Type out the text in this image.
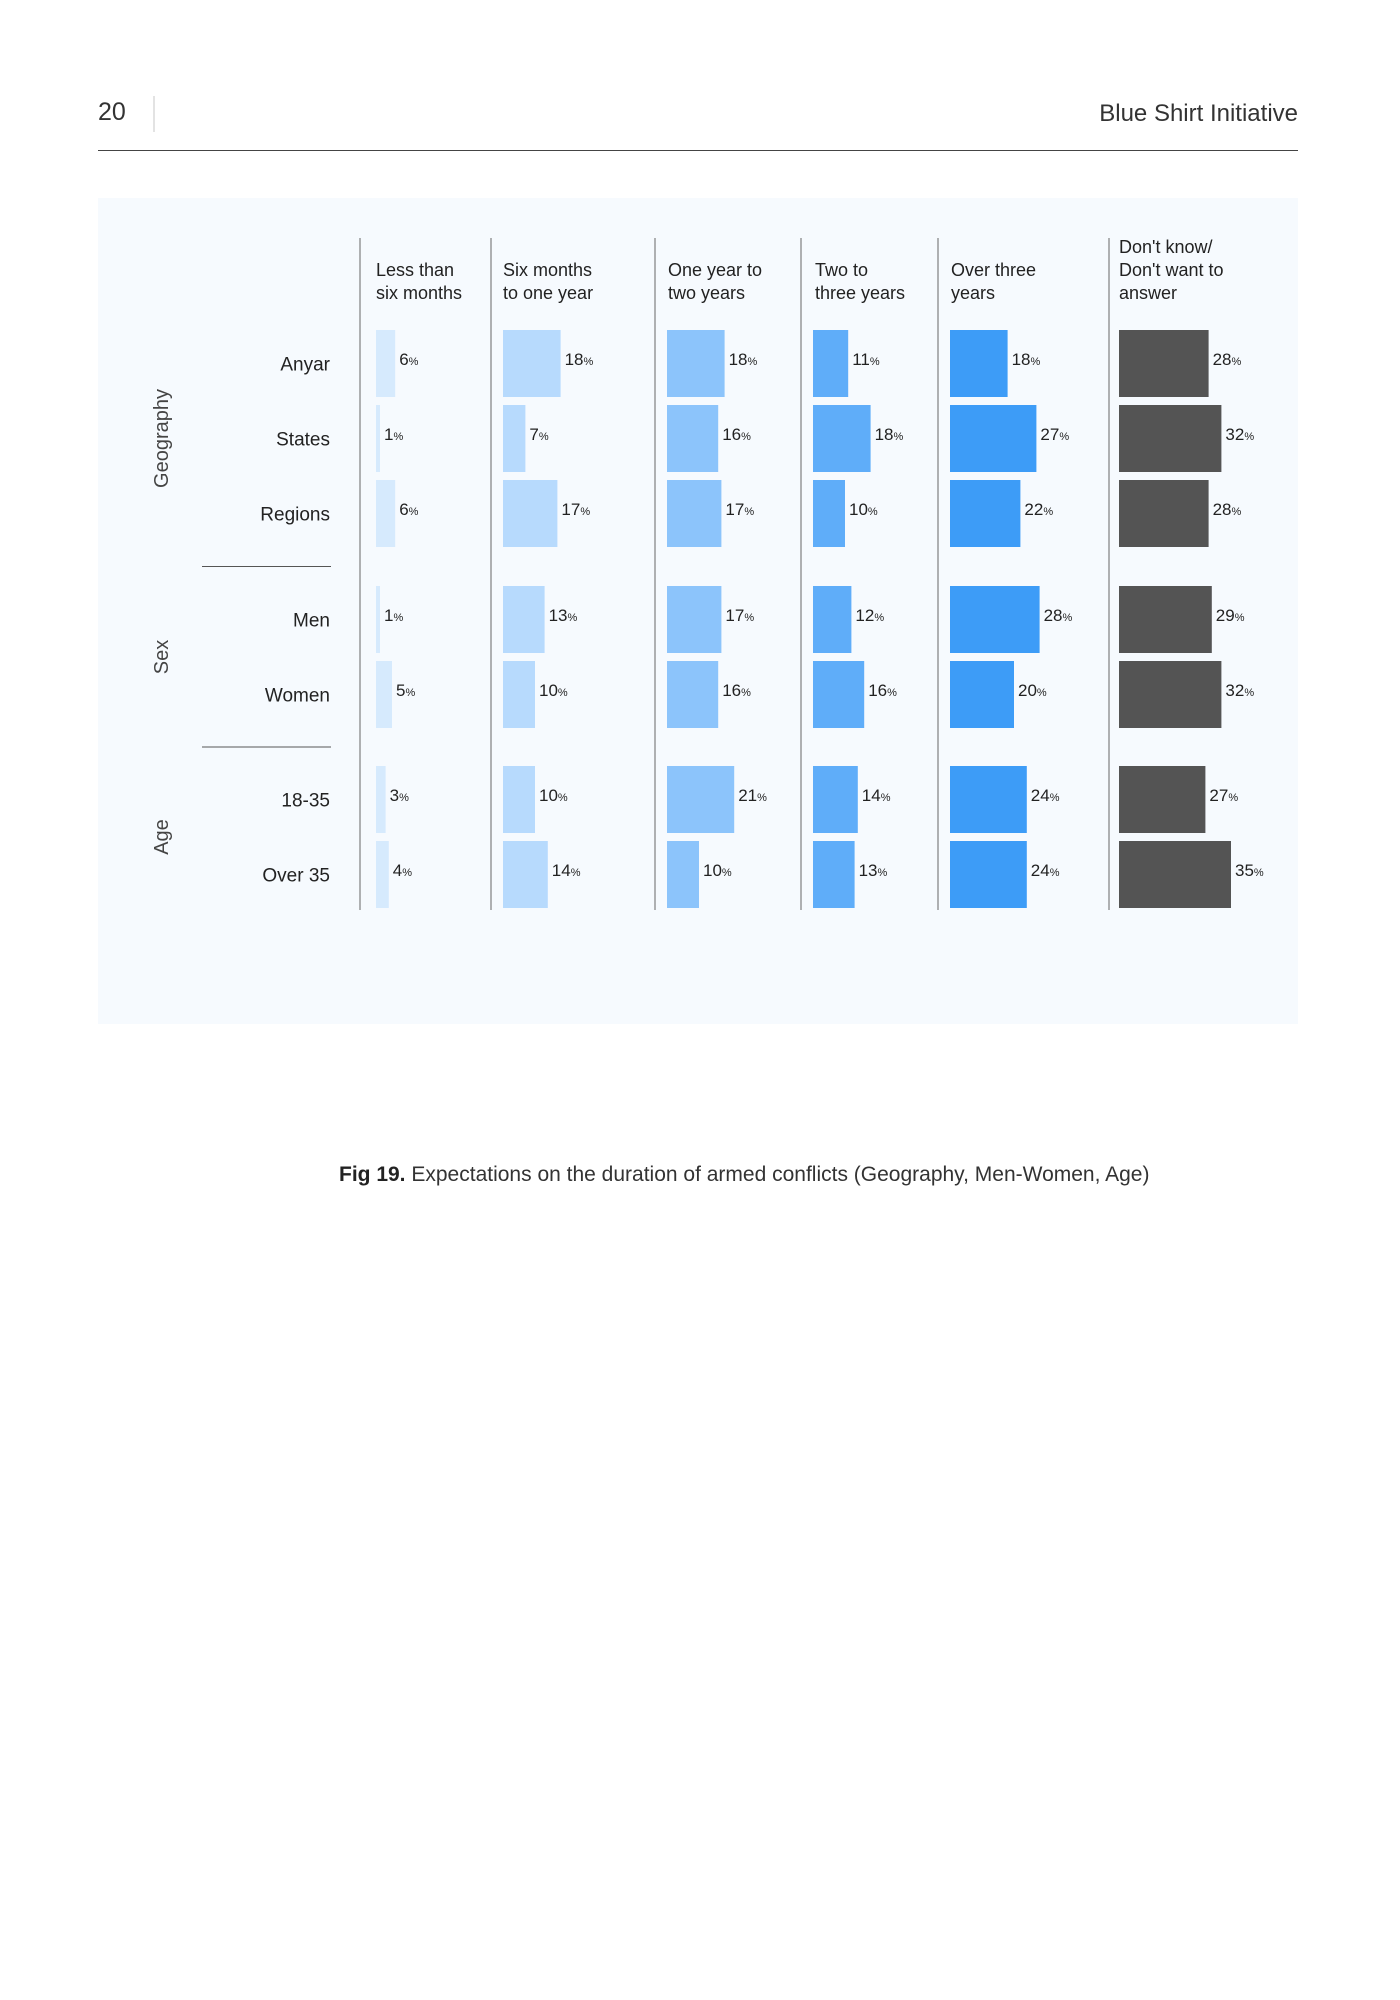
20	Blue Shirt Initiative
Less than
six months
Six months
to one year
One year to
two years
Two to
three years
Over three
years
Don't know/
Don't want to
answer
Anyar	6%	18%	18%	11%	18%	28%
States	1%	7%	16%	18%	27%	32%
Regions	6%	17%	17%	10%	22%	28%
Geography
Men	1%	13%	17%	12%	28%	29%
Women	5%	10%	16%	16%	20%	32%
Sex
18-35	3%	10%	21%	14%	24%	27%
Over 35	4%	14%	10%	13%	24%	35%
Age
Fig 19. Expectations on the duration of armed conflicts (Geography, Men-Women, Age)
